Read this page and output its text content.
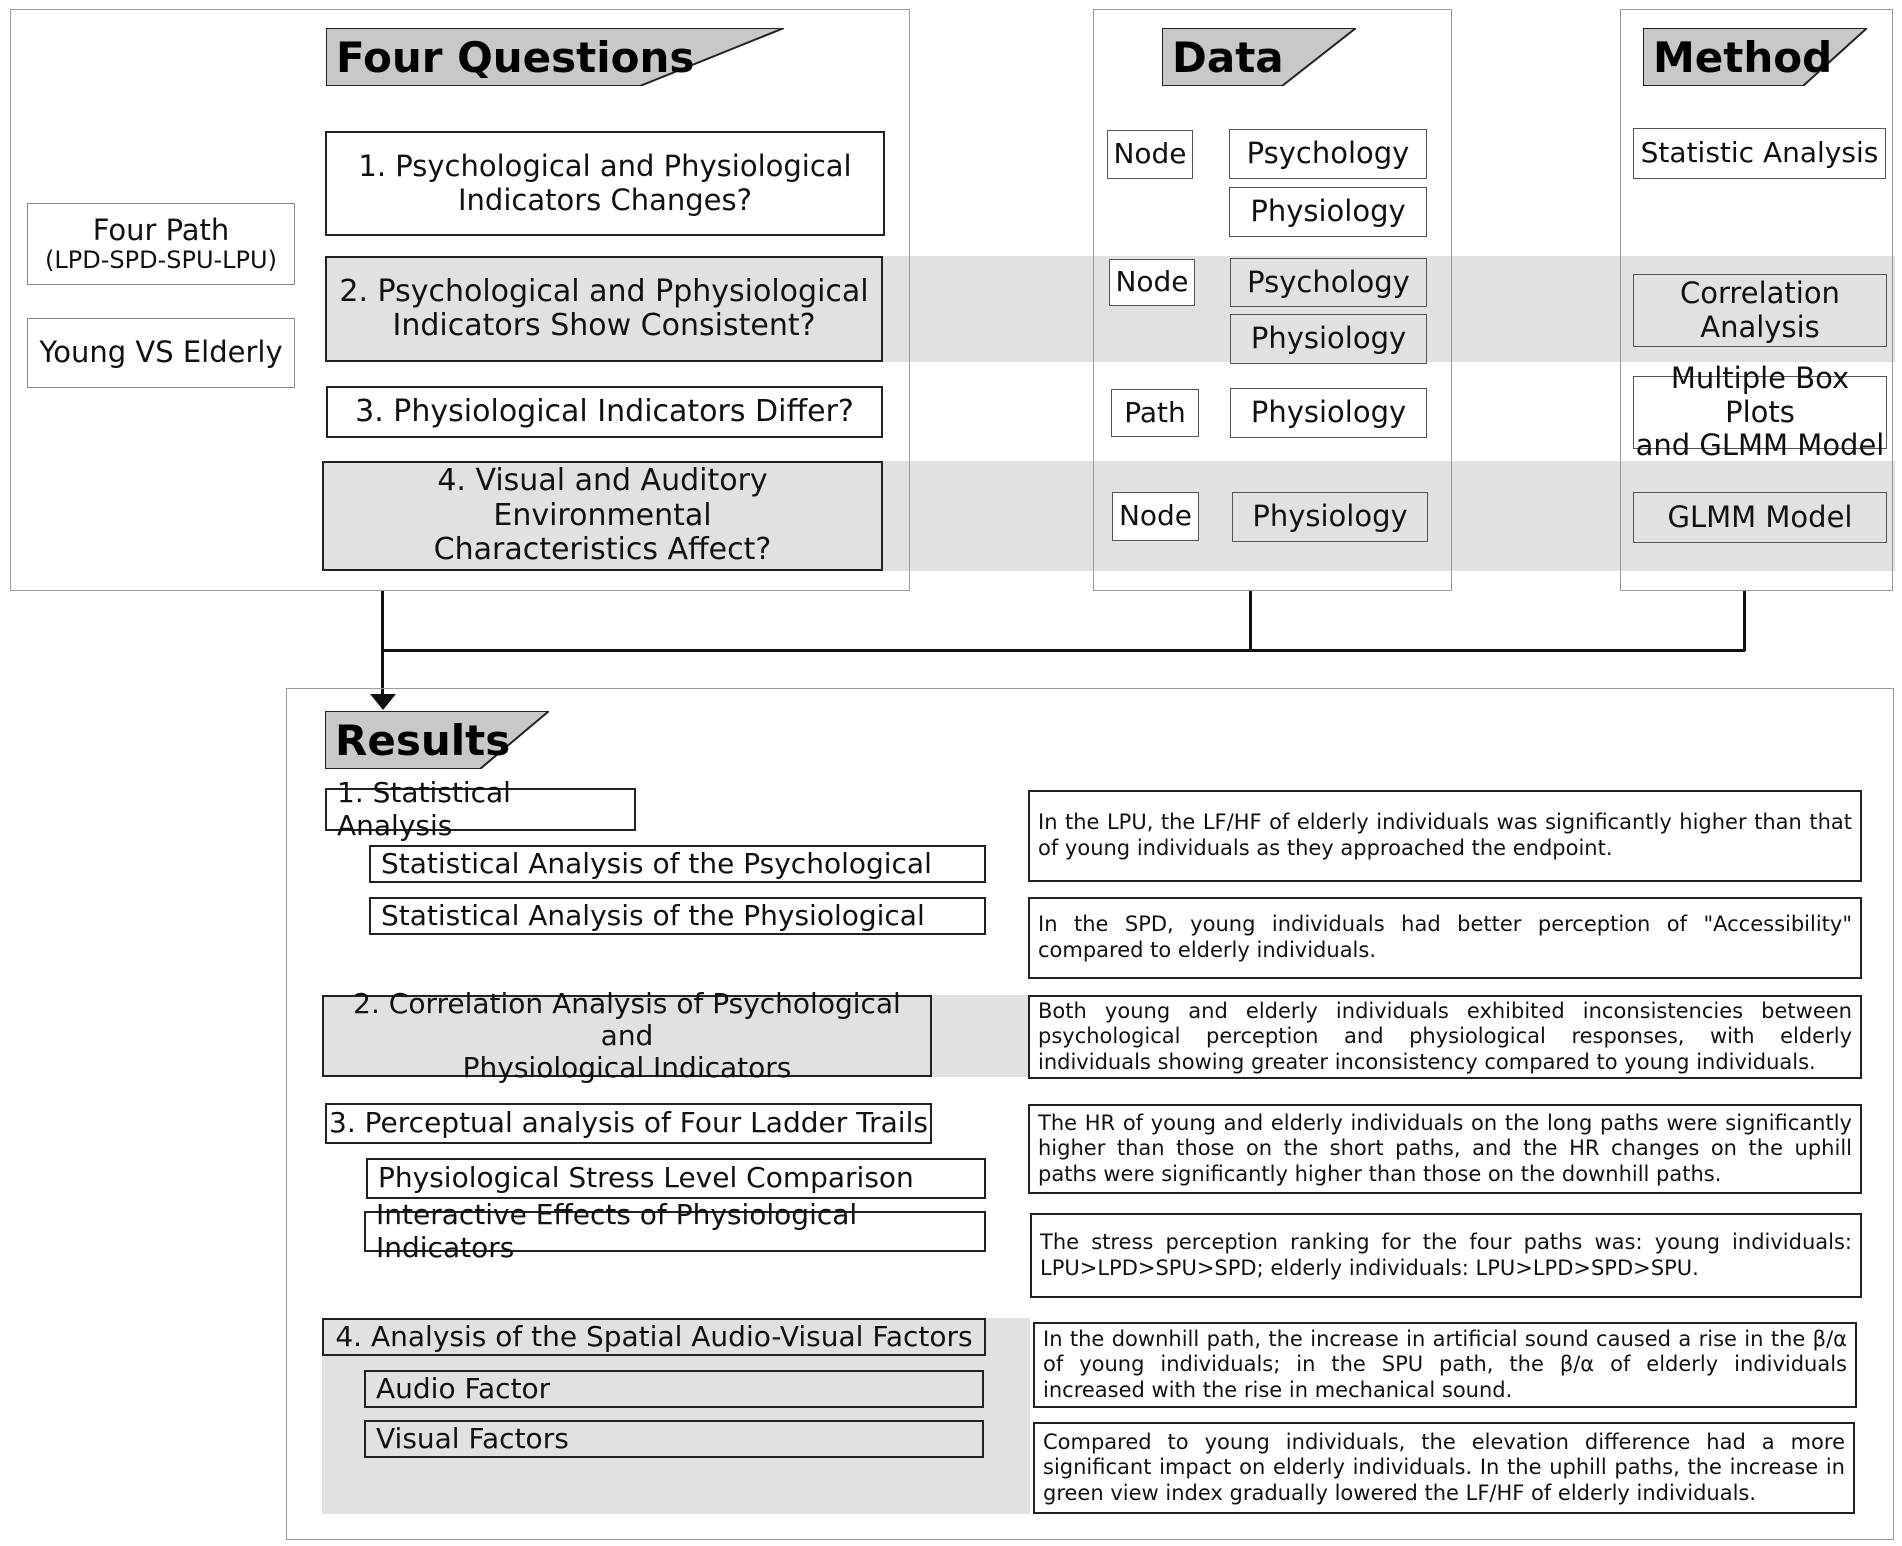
Four Questions	Data	Method
Four Path
(LPD-SPD-SPU-LPU)
Young VS Elderly
1. Psychological and Physiological
Indicators Changes?
2. Psychological and Pphysiological
Indicators Show Consistent?
3. Physiological Indicators Differ?
4. Visual and Auditory Environmental
Characteristics Affect?
Node Psychology
Physiology
Node Psychology
Physiology
Path Physiology
Node Physiology
Statistic Analysis
Correlation
Analysis
Multiple Box Plots
and GLMM Model
GLMM Model
Results
1. Statistical Analysis
Statistical Analysis of the Psychological
Statistical Analysis of the Physiological
2. Correlation Analysis of Psychological and
Physiological Indicators
3. Perceptual analysis of Four Ladder Trails
Physiological Stress Level Comparison
Interactive Effects of Physiological Indicators
4. Analysis of the Spatial Audio-Visual Factors
Audio Factor
Visual Factors
In the LPU, the LF/HF of elderly individuals was significantly higher than that of young individuals as they approached the endpoint.
In the SPD, young individuals had better perception of "Accessibility" compared to elderly individuals.
Both young and elderly individuals exhibited inconsistencies between psychological perception and physiological responses, with elderly individuals showing greater inconsistency compared to young individuals.
The HR of young and elderly individuals on the long paths were significantly higher than those on the short paths, and the HR changes on the uphill paths were significantly higher than those on the downhill paths.
The stress perception ranking for the four paths was: young individuals: LPU>LPD>SPU>SPD; elderly individuals: LPU>LPD>SPD>SPU.
In the downhill path, the increase in artificial sound caused a rise in the β/α of young individuals; in the SPU path, the β/α of elderly individuals increased with the rise in mechanical sound.
Compared to young individuals, the elevation difference had a more significant impact on elderly individuals. In the uphill paths, the increase in green view index gradually lowered the LF/HF of elderly individuals.
